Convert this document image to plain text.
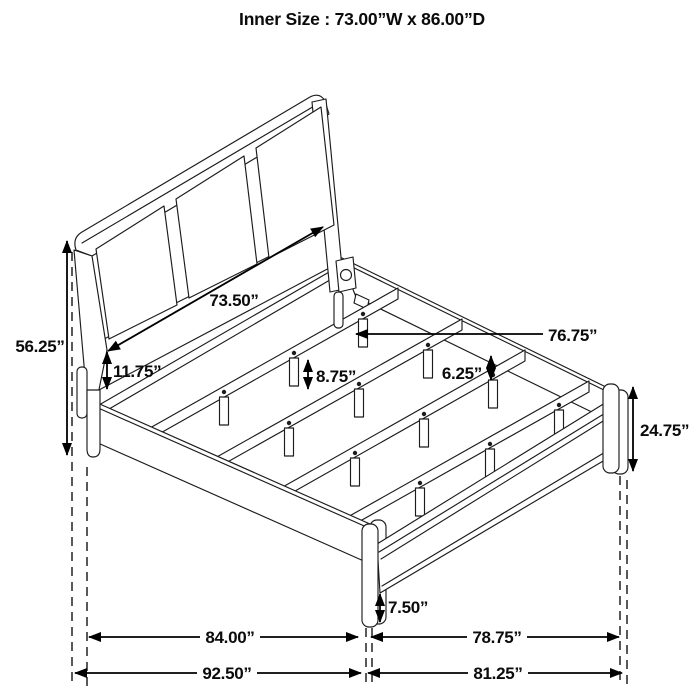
Inner Size : 73.00”W x 86.00”D
73.50”
56.25”
11.75”	8.75”	6.25”
76.75”
24.75”
7.50”
84.00”	78.75”
92.50”	81.25”
